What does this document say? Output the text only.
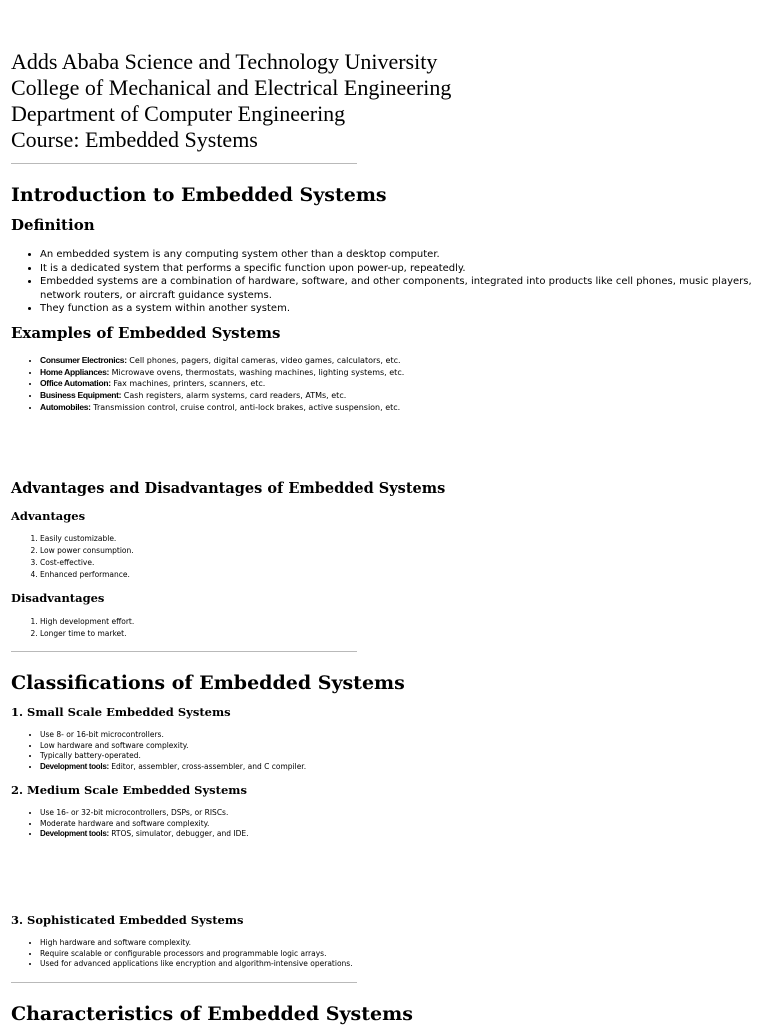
Adds Ababa Science and Technology University
College of Mechanical and Electrical Engineering
Department of Computer Engineering
Course: Embedded Systems
Introduction to Embedded Systems
Definition
• An embedded system is any computing system other than a desktop computer.
• It is a dedicated system that performs a specific function upon power-up, repeatedly.
• Embedded systems are a combination of hardware, software, and other components, integrated into products like cell phones, music players, network routers, or aircraft guidance systems.
• They function as a system within another system.
Examples of Embedded Systems
• Consumer Electronics: Cell phones, pagers, digital cameras, video games, calculators, etc.
• Home Appliances: Microwave ovens, thermostats, washing machines, lighting systems, etc.
• Office Automation: Fax machines, printers, scanners, etc.
• Business Equipment: Cash registers, alarm systems, card readers, ATMs, etc.
• Automobiles: Transmission control, cruise control, anti-lock brakes, active suspension, etc.
Advantages and Disadvantages of Embedded Systems
Advantages
1. Easily customizable.
2. Low power consumption.
3. Cost-effective.
4. Enhanced performance.
Disadvantages
1. High development effort.
2. Longer time to market.
Classifications of Embedded Systems
1. Small Scale Embedded Systems
• Use 8- or 16-bit microcontrollers.
• Low hardware and software complexity.
• Typically battery-operated.
• Development tools: Editor, assembler, cross-assembler, and C compiler.
2. Medium Scale Embedded Systems
• Use 16- or 32-bit microcontrollers, DSPs, or RISCs.
• Moderate hardware and software complexity.
• Development tools: RTOS, simulator, debugger, and IDE.
3. Sophisticated Embedded Systems
• High hardware and software complexity.
• Require scalable or configurable processors and programmable logic arrays.
• Used for advanced applications like encryption and algorithm-intensive operations.
Characteristics of Embedded Systems
